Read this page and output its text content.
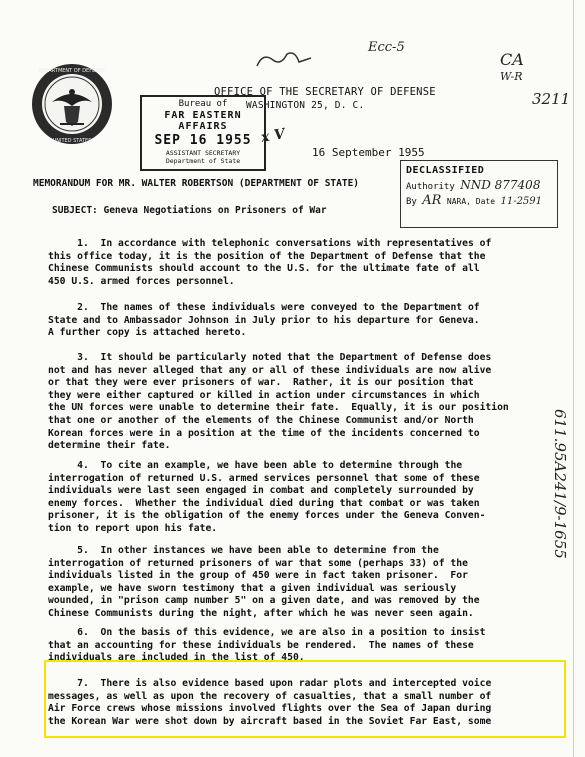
DEPARTMENT OF DEFENSE
UNITED STATES
Ecc-5
CA
W-R
3211
OFFICE OF THE SECRETARY OF DEFENSE
WASHINGTON 25, D. C.
Bureau of
FAR EASTERN AFFAIRS
SEP 16 1955
ASSISTANT SECRETARY
Department of State
x V
16 September 1955
DECLASSIFIED
Authority NND 877408
By AR NARA, Date 11-2591
MEMORANDUM FOR MR. WALTER ROBERTSON (DEPARTMENT OF STATE)
SUBJECT: Geneva Negotiations on Prisoners of War
1.  In accordance with telephonic conversations with representatives of
this office today, it is the position of the Department of Defense that the
Chinese Communists should account to the U.S. for the ultimate fate of all
450 U.S. armed forces personnel.
2.  The names of these individuals were conveyed to the Department of
State and to Ambassador Johnson in July prior to his departure for Geneva.
A further copy is attached hereto.
3.  It should be particularly noted that the Department of Defense does
not and has never alleged that any or all of these individuals are now alive
or that they were ever prisoners of war.  Rather, it is our position that
they were either captured or killed in action under circumstances in which
the UN forces were unable to determine their fate.  Equally, it is our position
that one or another of the elements of the Chinese Communist and/or North
Korean forces were in a position at the time of the incidents concerned to
determine their fate.
4.  To cite an example, we have been able to determine through the
interrogation of returned U.S. armed services personnel that some of these
individuals were last seen engaged in combat and completely surrounded by
enemy forces.  Whether the individual died during that combat or was taken
prisoner, it is the obligation of the enemy forces under the Geneva Conven-
tion to report upon his fate.
5.  In other instances we have been able to determine from the
interrogation of returned prisoners of war that some (perhaps 33) of the
individuals listed in the group of 450 were in fact taken prisoner.  For
example, we have sworn testimony that a given individual was seriously
wounded, in "prison camp number 5" on a given date, and was removed by the
Chinese Communists during the night, after which he was never seen again.
6.  On the basis of this evidence, we are also in a position to insist
that an accounting for these individuals be rendered.  The names of these
individuals are included in the list of 450.
7.  There is also evidence based upon radar plots and intercepted voice
messages, as well as upon the recovery of casualties, that a small number of
Air Force crews whose missions involved flights over the Sea of Japan during
the Korean War were shot down by aircraft based in the Soviet Far East, some
611.95A241/9-1655
